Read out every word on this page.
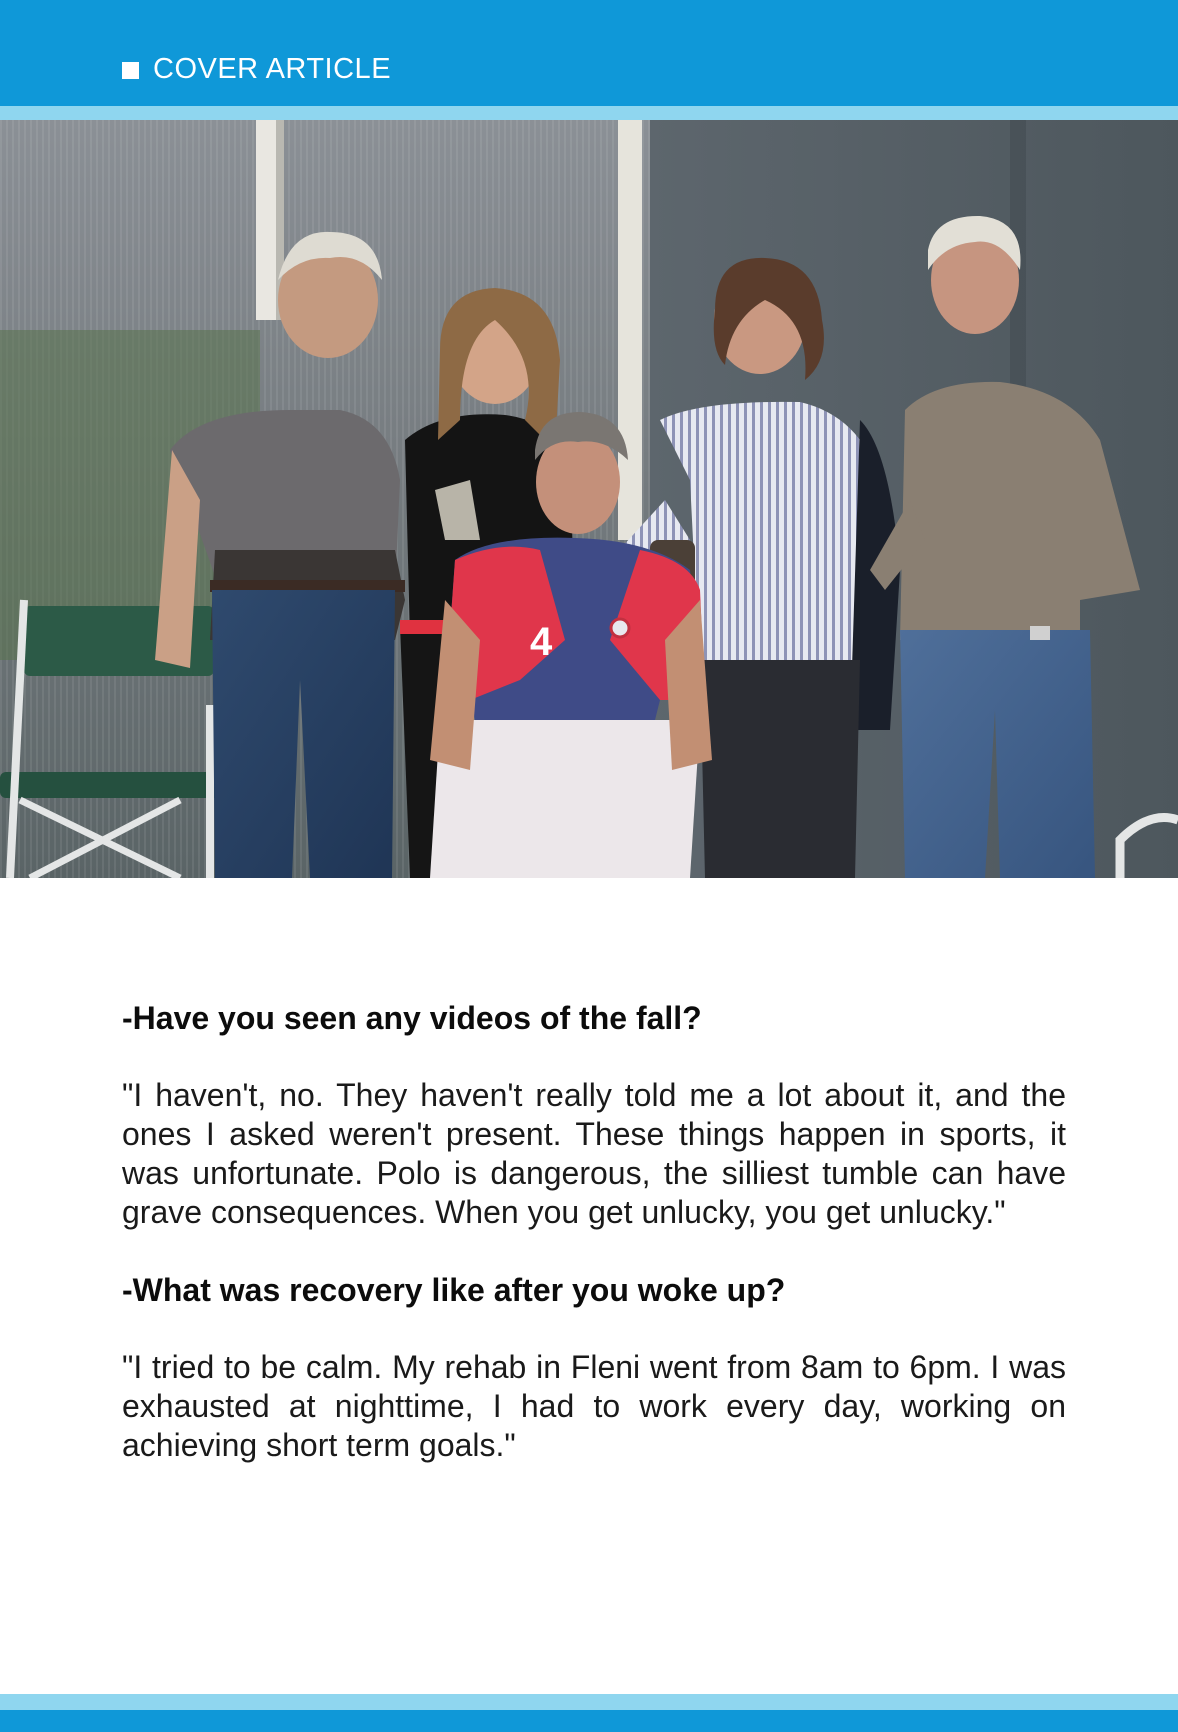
COVER ARTICLE
4

-Have you seen any videos of the fall?

"I haven't, no. They haven't really told me a lot about it, and the ones I asked weren't present. These things happen in sports, it was unfortunate. Polo is dangerous, the silliest tumble can have grave consequences. When you get unlucky, you get unlucky."

-What was recovery like after you woke up?

"I tried to be calm. My rehab in Fleni went from 8am to 6pm. I was exhausted at nighttime, I had to work every day, working on achieving short term goals."
